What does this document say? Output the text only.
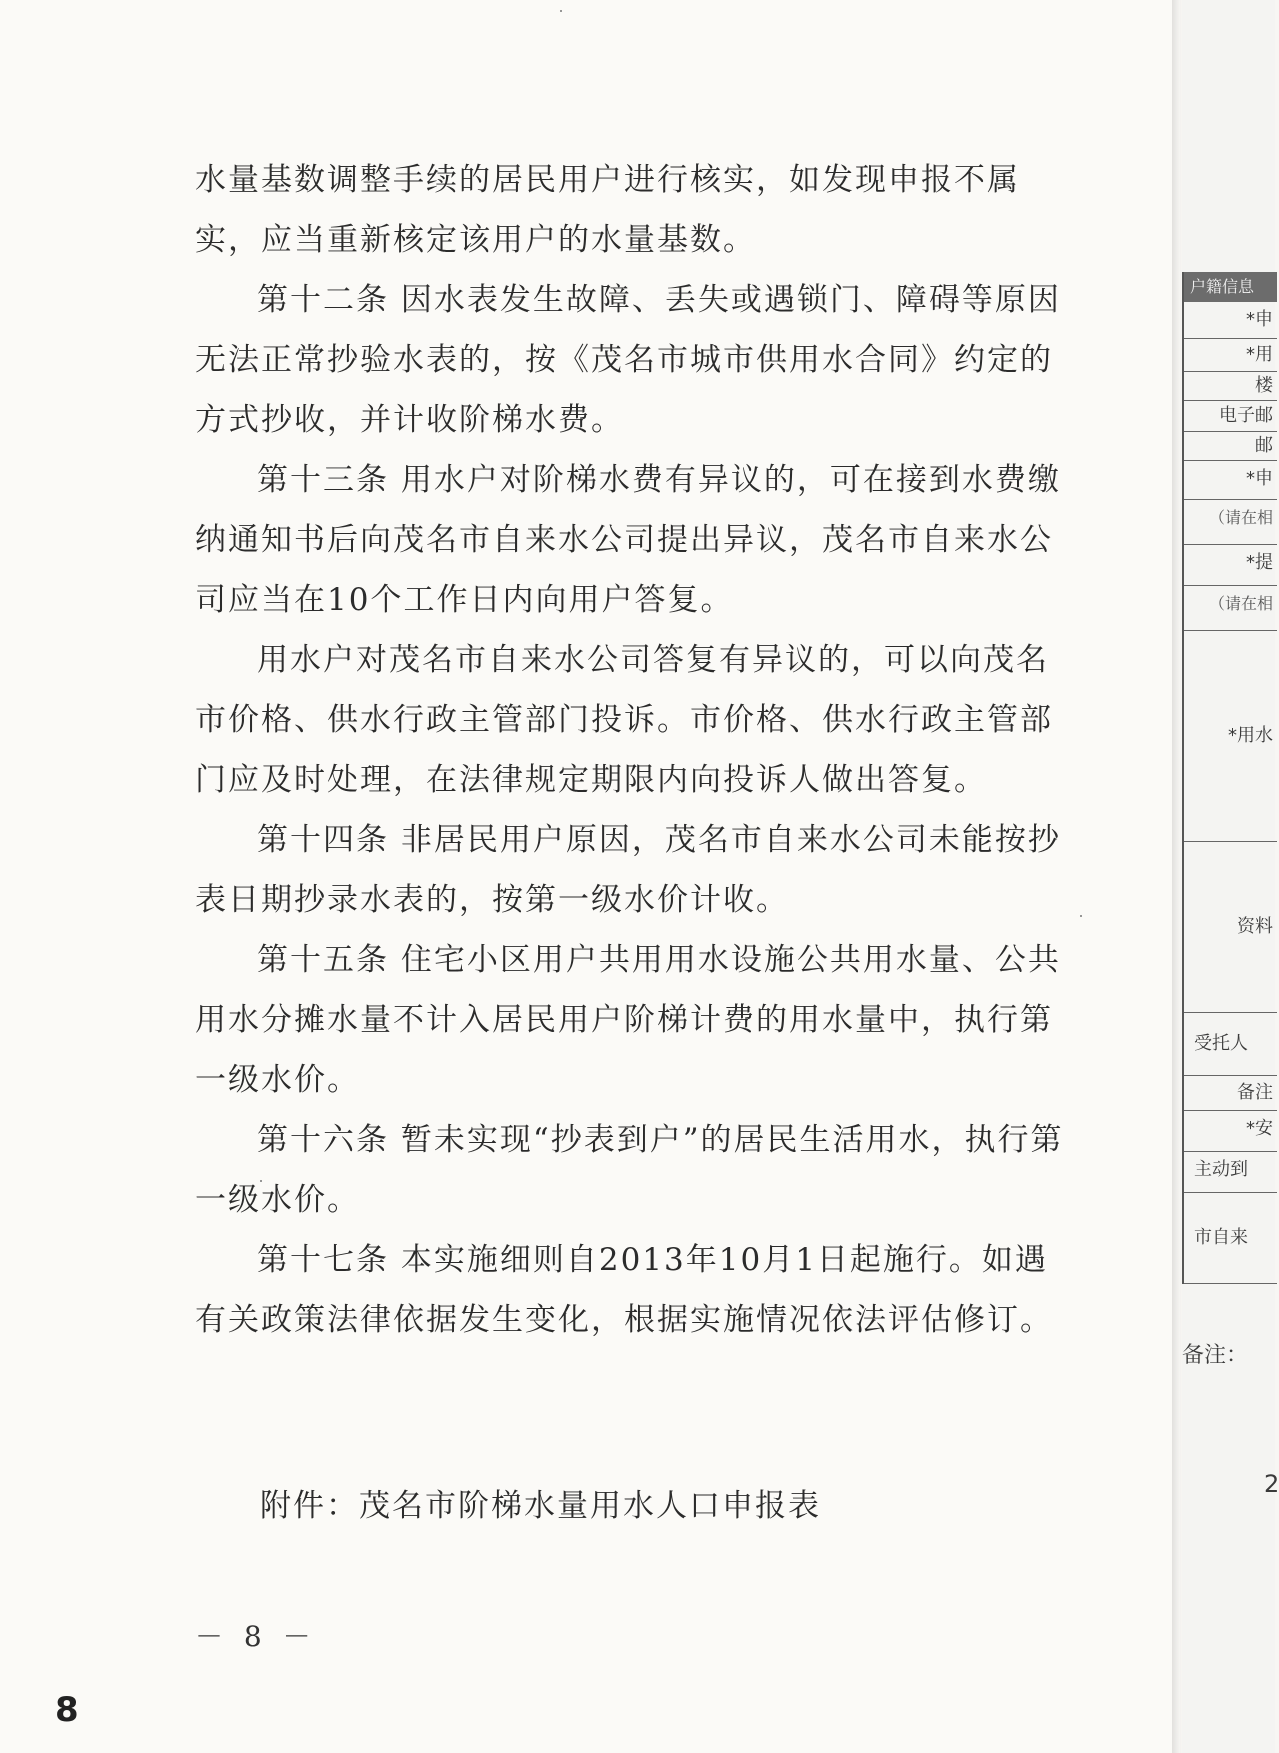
水量基数调整手续的居民用户进行核实，如发现申报不属实，应当重新核定该用户的水量基数。

第十二条 因水表发生故障、丢失或遇锁门、障碍等原因无法正常抄验水表的，按《茂名市城市供用水合同》约定的方式抄收，并计收阶梯水费。

第十三条 用水户对阶梯水费有异议的，可在接到水费缴纳通知书后向茂名市自来水公司提出异议，茂名市自来水公司应当在10个工作日内向用户答复。

用水户对茂名市自来水公司答复有异议的，可以向茂名市价格、供水行政主管部门投诉。市价格、供水行政主管部门应及时处理，在法律规定期限内向投诉人做出答复。

第十四条 非居民用户原因，茂名市自来水公司未能按抄表日期抄录水表的，按第一级水价计收。

第十五条 住宅小区用户共用用水设施公共用水量、公共用水分摊水量不计入居民用户阶梯计费的用水量中，执行第一级水价。

第十六条 暂未实现“抄表到户”的居民生活用水，执行第一级水价。

第十七条 本实施细则自2013年10月1日起施行。如遇有关政策法律依据发生变化，根据实施情况依法评估修订。

附件：茂名市阶梯水量用水人口申报表
－ 8 －
8
户籍信息
*申
*用
楼
电子邮
邮
*申
（请在相
*提
（请在相
*用水
资料
受托人
备注
*安
主动到
市自来
备注：
2
